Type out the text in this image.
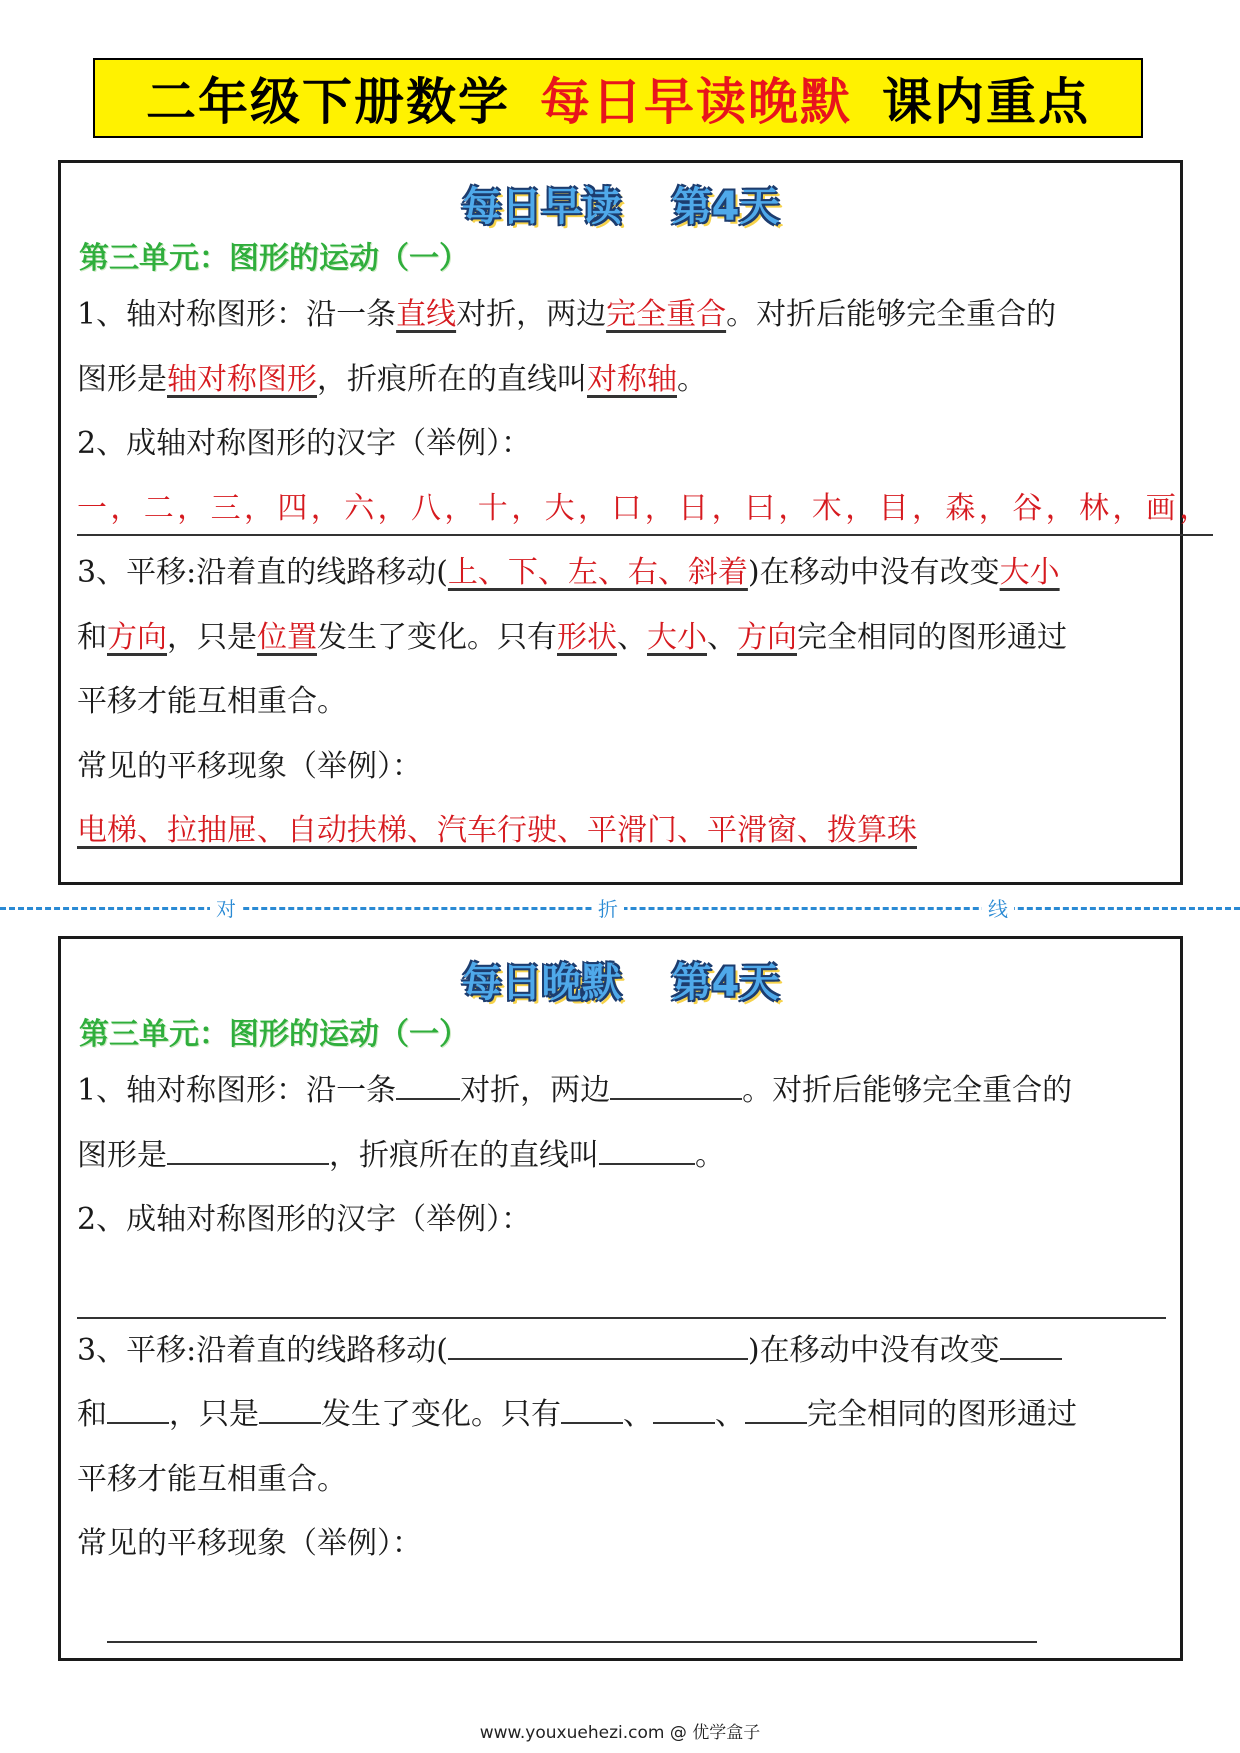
二年级下册数学 每日早读晚默 课内重点
每日早读 第4天
第三单元：图形的运动（一）
1、轴对称图形：沿一条直线对折，两边完全重合。对折后能够完全重合的
图形是轴对称图形，折痕所在的直线叫对称轴。
2、成轴对称图形的汉字（举例）：
一，二，三，四，六，八，十，大，口，日，曰，木，目，森，谷，林，画，
3、平移:沿着直的线路移动(上、下、左、右、斜着)在移动中没有改变大小
和方向，只是位置发生了变化。只有形状、大小、方向完全相同的图形通过
平移才能互相重合。
常见的平移现象（举例）：
电梯、拉抽屉、自动扶梯、汽车行驶、平滑门、平滑窗、拨算珠
对	折	线
每日晚默 第4天
第三单元：图形的运动（一）
1、轴对称图形：沿一条 对折，两边	。对折后能够完全重合的
图形是	，折痕所在的直线叫	。
2、成轴对称图形的汉字（举例）：
3、平移:沿着直的线路移动(	)在移动中没有改变
和 ，只是 发生了变化。只有 、 、 完全相同的图形通过
平移才能互相重合。
常见的平移现象（举例）：
www.youxuehezi.com @ 优学盒子
